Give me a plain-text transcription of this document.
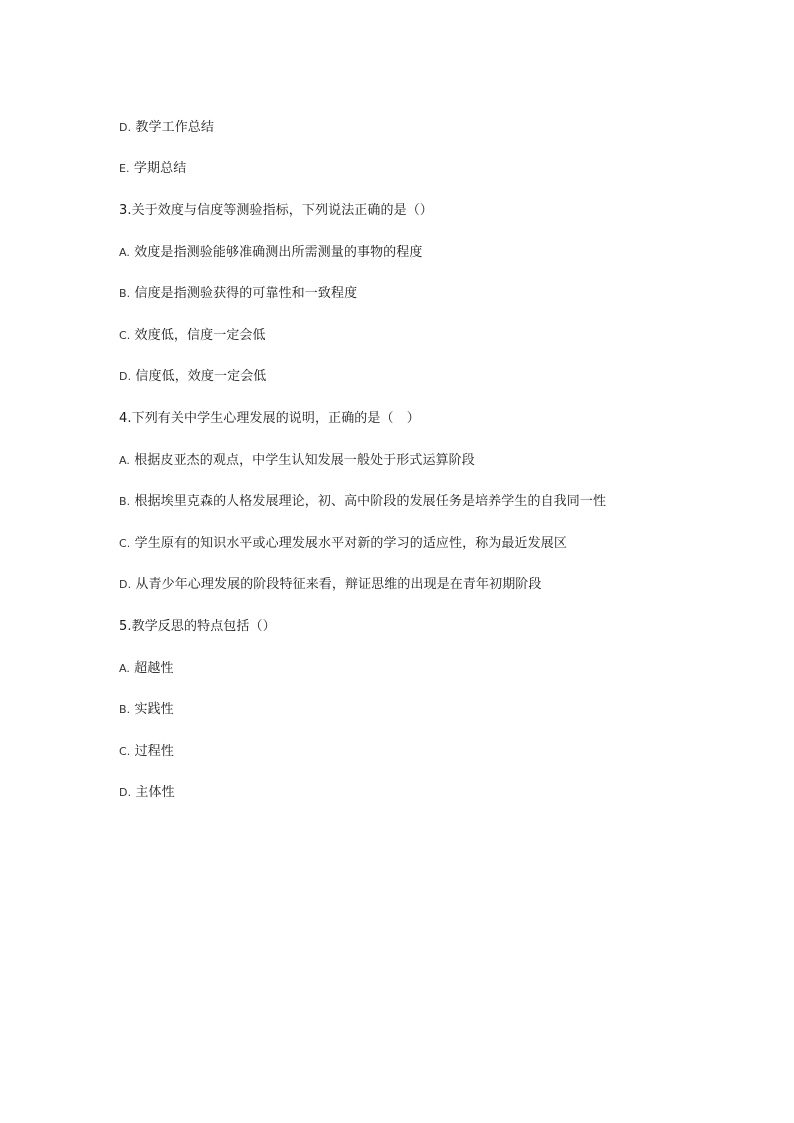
D. 教学工作总结
E. 学期总结
3.关于效度与信度等测验指标，下列说法正确的是（）
A. 效度是指测验能够准确测出所需测量的事物的程度
B. 信度是指测验获得的可靠性和一致程度
C. 效度低，信度一定会低
D. 信度低，效度一定会低
4.下列有关中学生心理发展的说明，正确的是（　）
A. 根据皮亚杰的观点，中学生认知发展一般处于形式运算阶段
B. 根据埃里克森的人格发展理论，初、高中阶段的发展任务是培养学生的自我同一性
C. 学生原有的知识水平或心理发展水平对新的学习的适应性，称为最近发展区
D. 从青少年心理发展的阶段特征来看，辩证思维的出现是在青年初期阶段
5.教学反思的特点包括（）
A. 超越性
B. 实践性
C. 过程性
D. 主体性
